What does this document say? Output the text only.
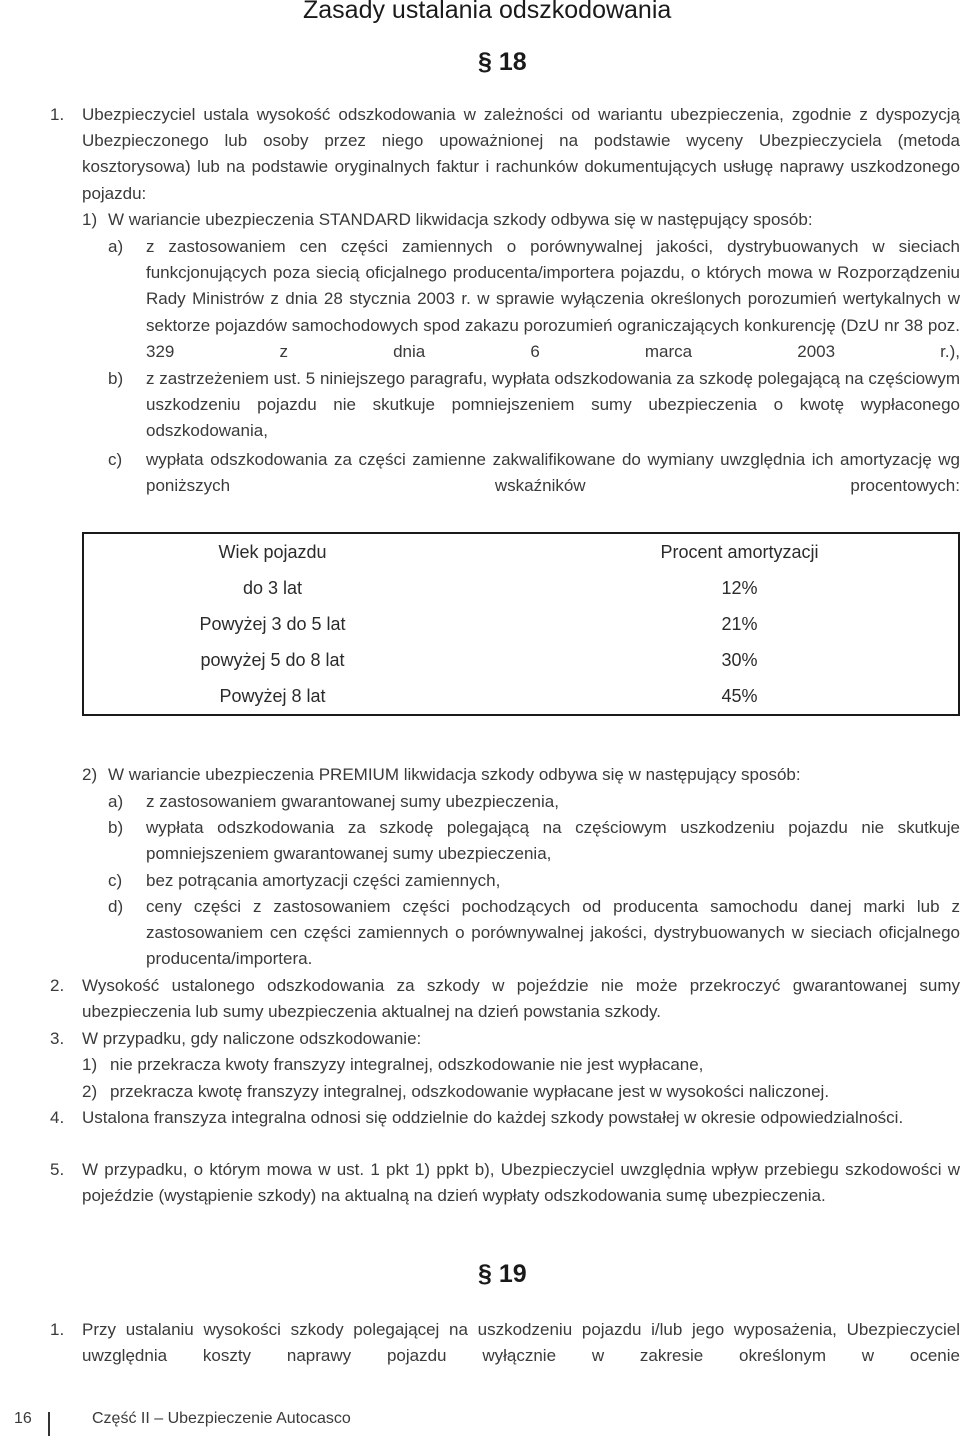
Zasady ustalania odszkodowania
§ 18
1. Ubezpieczyciel ustala wysokość odszkodowania w zależności od wariantu ubezpieczenia, zgodnie z dyspozycją Ubezpieczonego lub osoby przez niego upoważnionej na podstawie wyceny Ubezpieczyciela (metoda kosztorysowa) lub na podstawie oryginalnych faktur i rachunków dokumentujących usługę naprawy uszkodzonego pojazdu:
1) W wariancie ubezpieczenia STANDARD likwidacja szkody odbywa się w następujący sposób:
a) z zastosowaniem cen części zamiennych o porównywalnej jakości, dystrybuowanych w sieciach funkcjonujących poza siecią oficjalnego producenta/importera pojazdu, o których mowa w Rozporządzeniu Rady Ministrów z dnia 28 stycznia 2003 r. w sprawie wyłączenia określonych porozumień wertykalnych w sektorze pojazdów samochodowych spod zakazu porozumień ograniczających konkurencję (DzU nr 38 poz. 329 z dnia 6 marca 2003 r.),
b) z zastrzeżeniem ust. 5 niniejszego paragrafu, wypłata odszkodowania za szkodę polegającą na częściowym uszkodzeniu pojazdu nie skutkuje pomniejszeniem sumy ubezpieczenia o kwotę wypłaconego odszkodowania,
c) wypłata odszkodowania za części zamienne zakwalifikowane do wymiany uwzględnia ich amortyzację wg poniższych wskaźników procentowych:
Wiek pojazdu	Procent amortyzacji
do 3 lat	12%
Powyżej 3 do 5 lat	21%
powyżej 5 do 8 lat	30%
Powyżej 8 lat	45%
2) W wariancie ubezpieczenia PREMIUM likwidacja szkody odbywa się w następujący sposób:
a) z zastosowaniem gwarantowanej sumy ubezpieczenia,
b) wypłata odszkodowania za szkodę polegającą na częściowym uszkodzeniu pojazdu nie skutkuje pomniejszeniem gwarantowanej sumy ubezpieczenia,
c) bez potrącania amortyzacji części zamiennych,
d) ceny części z zastosowaniem części pochodzących od producenta samochodu danej marki lub z zastosowaniem cen części zamiennych o porównywalnej jakości, dystrybuowanych w sieciach oficjalnego producenta/importera.
2. Wysokość ustalonego odszkodowania za szkody w pojeździe nie może przekroczyć gwarantowanej sumy ubezpieczenia lub sumy ubezpieczenia aktualnej na dzień powstania szkody.
3. W przypadku, gdy naliczone odszkodowanie:
1) nie przekracza kwoty franszyzy integralnej, odszkodowanie nie jest wypłacane,
2) przekracza kwotę franszyzy integralnej, odszkodowanie wypłacane jest w wysokości naliczonej.
4. Ustalona franszyza integralna odnosi się oddzielnie do każdej szkody powstałej w okresie odpowiedzialności.
5. W przypadku, o którym mowa w ust. 1 pkt 1) ppkt b), Ubezpieczyciel uwzględnia wpływ przebiegu szkodowości w pojeździe (wystąpienie szkody) na aktualną na dzień wypłaty odszkodowania sumę ubezpieczenia.
§ 19
1. Przy ustalaniu wysokości szkody polegającej na uszkodzeniu pojazdu i/lub jego wyposażenia, Ubezpieczyciel uwzględnia koszty naprawy pojazdu wyłącznie w zakresie określonym w ocenie
16	Część II – Ubezpieczenie Autocasco
